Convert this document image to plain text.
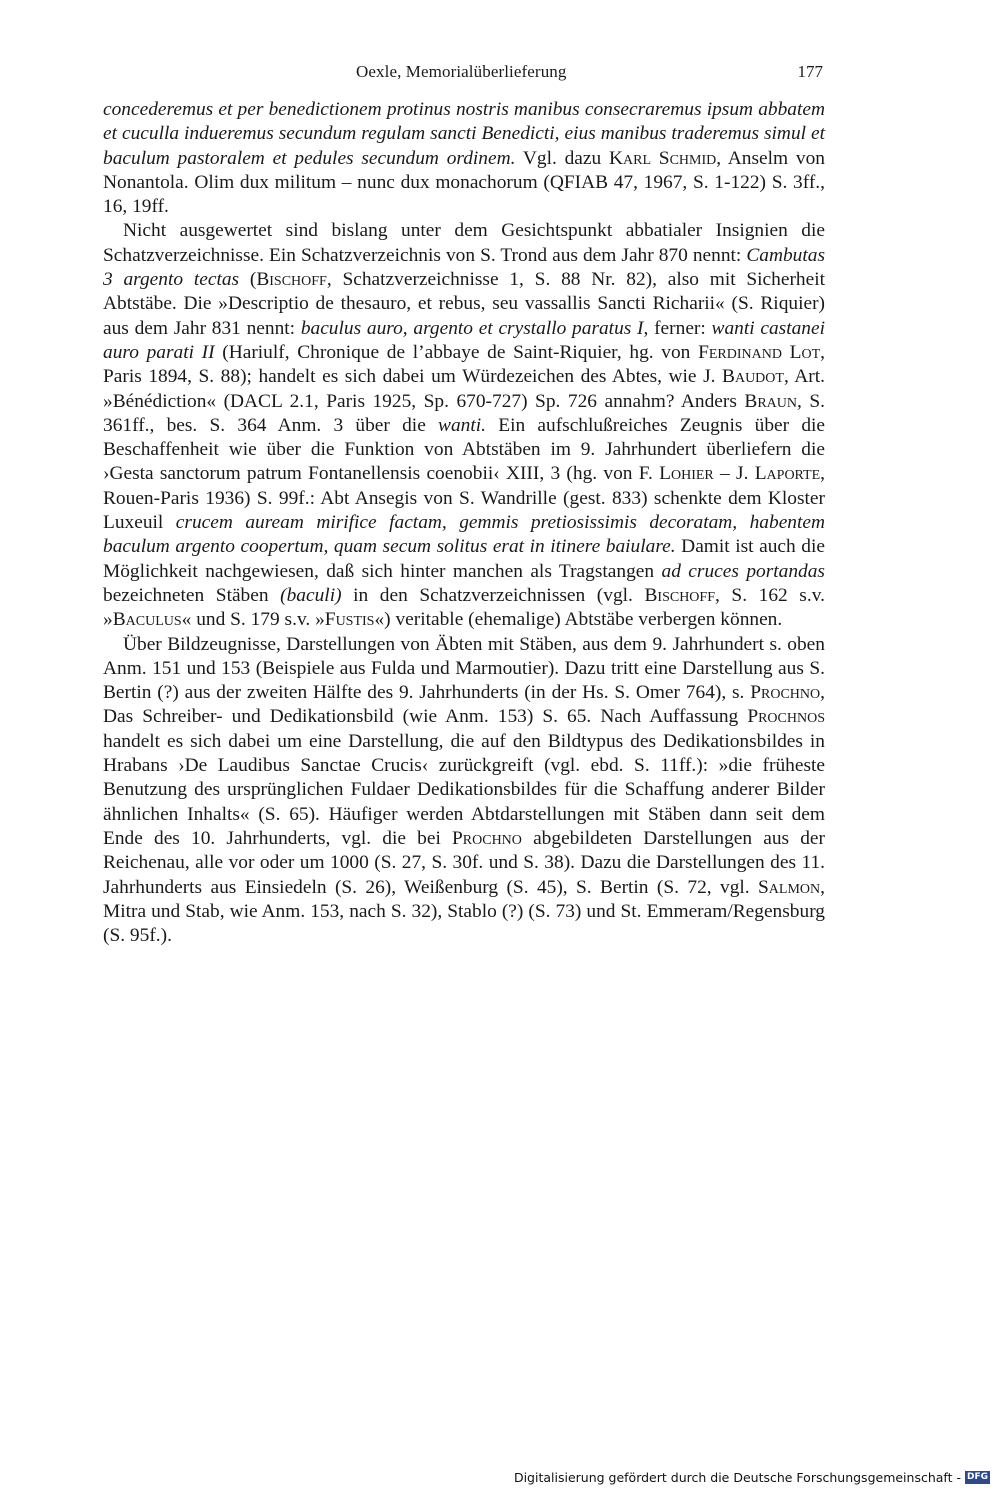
Oexle, Memorialüberlieferung	177

concederemus et per benedictionem protinus nostris manibus consecraremus ipsum abbatem et cuculla indueremus secundum regulam sancti Benedicti, eius manibus traderemus simul et baculum pastoralem et pedules secundum ordinem. Vgl. dazu Karl Schmid, Anselm von Nonantola. Olim dux militum – nunc dux monachorum (QFIAB 47, 1967, S. 1-122) S. 3ff., 16, 19ff.

Nicht ausgewertet sind bislang unter dem Gesichtspunkt abbatialer Insignien die Schatzverzeichnisse. Ein Schatzverzeichnis von S. Trond aus dem Jahr 870 nennt: Cambutas 3 argento tectas (Bischoff, Schatzverzeichnisse 1, S. 88 Nr. 82), also mit Sicherheit Abtstäbe. Die »Descriptio de thesauro, et rebus, seu vassallis Sancti Richarii« (S. Riquier) aus dem Jahr 831 nennt: baculus auro, argento et crystallo paratus I, ferner: wanti castanei auro parati II (Hariulf, Chronique de l’abbaye de Saint-Riquier, hg. von Ferdinand Lot, Paris 1894, S. 88); handelt es sich dabei um Würdezeichen des Abtes, wie J. Baudot, Art. »Bénédiction« (DACL 2.1, Paris 1925, Sp. 670-727) Sp. 726 annahm? Anders Braun, S. 361ff., bes. S. 364 Anm. 3 über die wanti. Ein aufschlußreiches Zeugnis über die Beschaffenheit wie über die Funktion von Abtstäben im 9. Jahrhundert überliefern die ›Gesta sanctorum patrum Fontanellensis coenobii‹ XIII, 3 (hg. von F. Lohier – J. Laporte, Rouen-Paris 1936) S. 99f.: Abt Ansegis von S. Wandrille (gest. 833) schenkte dem Kloster Luxeuil crucem auream mirifice factam, gemmis pretiosissimis decoratam, habentem baculum argento coopertum, quam secum solitus erat in itinere baiulare. Damit ist auch die Möglichkeit nachgewiesen, daß sich hinter manchen als Tragstangen ad cruces portandas bezeichneten Stäben (baculi) in den Schatzverzeichnissen (vgl. Bischoff, S. 162 s.v. »Baculus« und S. 179 s.v. »Fustis«) veritable (ehemalige) Abtstäbe verbergen können.

Über Bildzeugnisse, Darstellungen von Äbten mit Stäben, aus dem 9. Jahrhundert s. oben Anm. 151 und 153 (Beispiele aus Fulda und Marmoutier). Dazu tritt eine Darstellung aus S. Bertin (?) aus der zweiten Hälfte des 9. Jahrhunderts (in der Hs. S. Omer 764), s. Prochno, Das Schreiber- und Dedikationsbild (wie Anm. 153) S. 65. Nach Auffassung Prochnos handelt es sich dabei um eine Darstellung, die auf den Bildtypus des Dedikationsbildes in Hrabans ›De Laudibus Sanctae Crucis‹ zurückgreift (vgl. ebd. S. 11ff.): »die früheste Benutzung des ursprünglichen Fuldaer Dedikationsbildes für die Schaffung anderer Bilder ähnlichen Inhalts« (S. 65). Häufiger werden Abtdarstellungen mit Stäben dann seit dem Ende des 10. Jahrhunderts, vgl. die bei Prochno abgebildeten Darstellungen aus der Reichenau, alle vor oder um 1000 (S. 27, S. 30f. und S. 38). Dazu die Darstellungen des 11. Jahrhunderts aus Einsiedeln (S. 26), Weißenburg (S. 45), S. Bertin (S. 72, vgl. Salmon, Mitra und Stab, wie Anm. 153, nach S. 32), Stablo (?) (S. 73) und St. Emmeram/Regensburg (S. 95f.).

Digitalisierung gefördert durch die Deutsche Forschungsgemeinschaft - DFG
